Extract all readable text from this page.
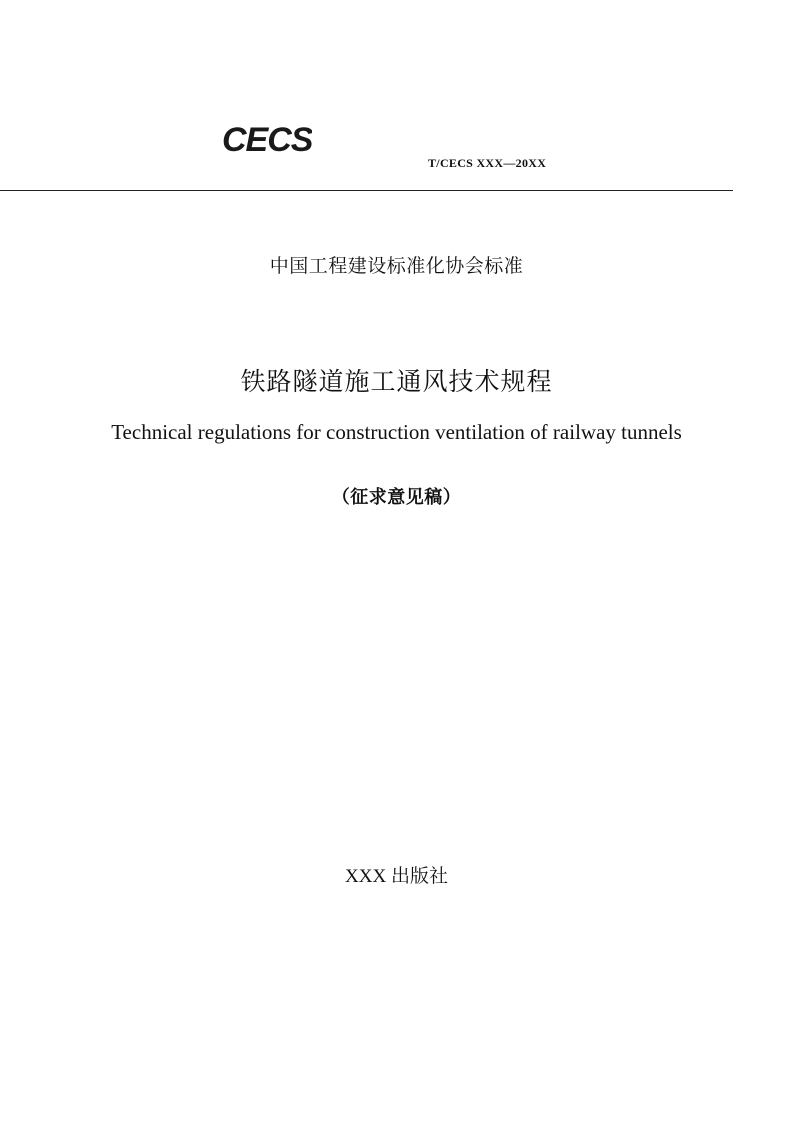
CECS
T/CECS XXX—20XX
中国工程建设标准化协会标准
铁路隧道施工通风技术规程
Technical regulations for construction ventilation of railway tunnels
（征求意见稿）
XXX 出版社
